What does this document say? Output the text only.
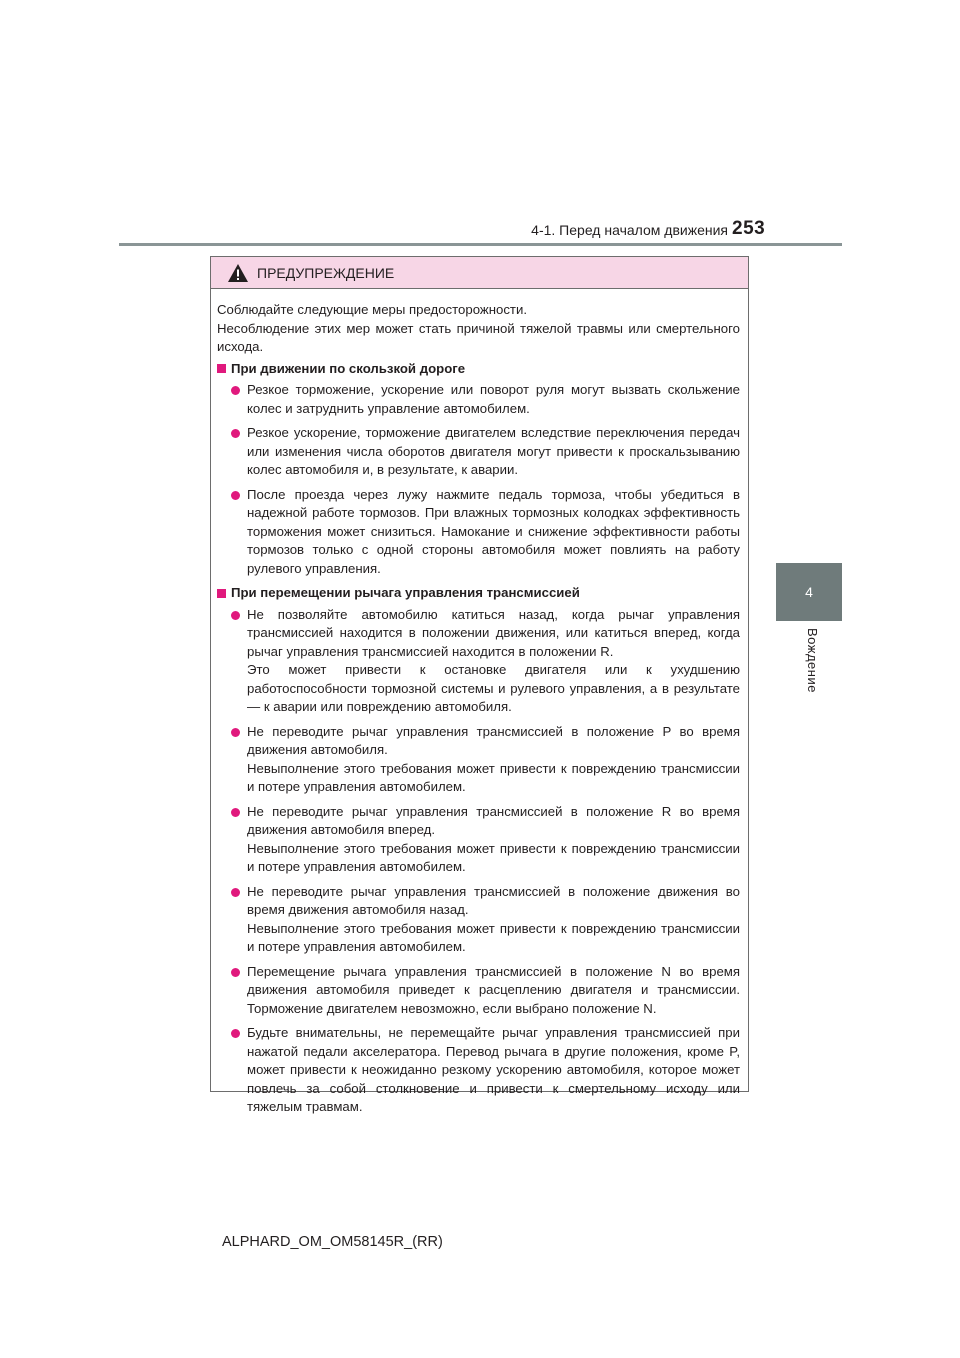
4-1. Перед началом движения 253
4
Вождение
ПРЕДУПРЕЖДЕНИЕ

Соблюдайте следующие меры предосторожности.

Несоблюдение этих мер может стать причиной тяжелой травмы или смертельного исхода.

При движении по скользкой дороге

Резкое торможение, ускорение или поворот руля могут вызвать скольжение колес и затруднить управление автомобилем.

Резкое ускорение, торможение двигателем вследствие переключения передач или изменения числа оборотов двигателя могут привести к проскальзыванию колес автомобиля и, в результате, к аварии.

После проезда через лужу нажмите педаль тормоза, чтобы убедиться в надежной работе тормозов. При влажных тормозных колодках эффективность торможения может снизиться. Намокание и снижение эффективности работы тормозов только с одной стороны автомобиля может повлиять на работу рулевого управления.

При перемещении рычага управления трансмиссией

Не позволяйте автомобилю катиться назад, когда рычаг управления трансмиссией находится в положении движения, или катиться вперед, когда рычаг управления трансмиссией находится в положении R.

Это может привести к остановке двигателя или к ухудшению работоспособности тормозной системы и рулевого управления, а в результате — к аварии или повреждению автомобиля.

Не переводите рычаг управления трансмиссией в положение P во время движения автомобиля.

Невыполнение этого требования может привести к повреждению трансмиссии и потере управления автомобилем.

Не переводите рычаг управления трансмиссией в положение R во время движения автомобиля вперед.

Невыполнение этого требования может привести к повреждению трансмиссии и потере управления автомобилем.

Не переводите рычаг управления трансмиссией в положение движения во время движения автомобиля назад.

Невыполнение этого требования может привести к повреждению трансмиссии и потере управления автомобилем.

Перемещение рычага управления трансмиссией в положение N во время движения автомобиля приведет к расцеплению двигателя и трансмиссии. Торможение двигателем невозможно, если выбрано положение N.

Будьте внимательны, не перемещайте рычаг управления трансмиссией при нажатой педали акселератора. Перевод рычага в другие положения, кроме P, может привести к неожиданно резкому ускорению автомобиля, которое может повлечь за собой столкновение и привести к смертельному исходу или тяжелым травмам.

ALPHARD_OM_OM58145R_(RR)
